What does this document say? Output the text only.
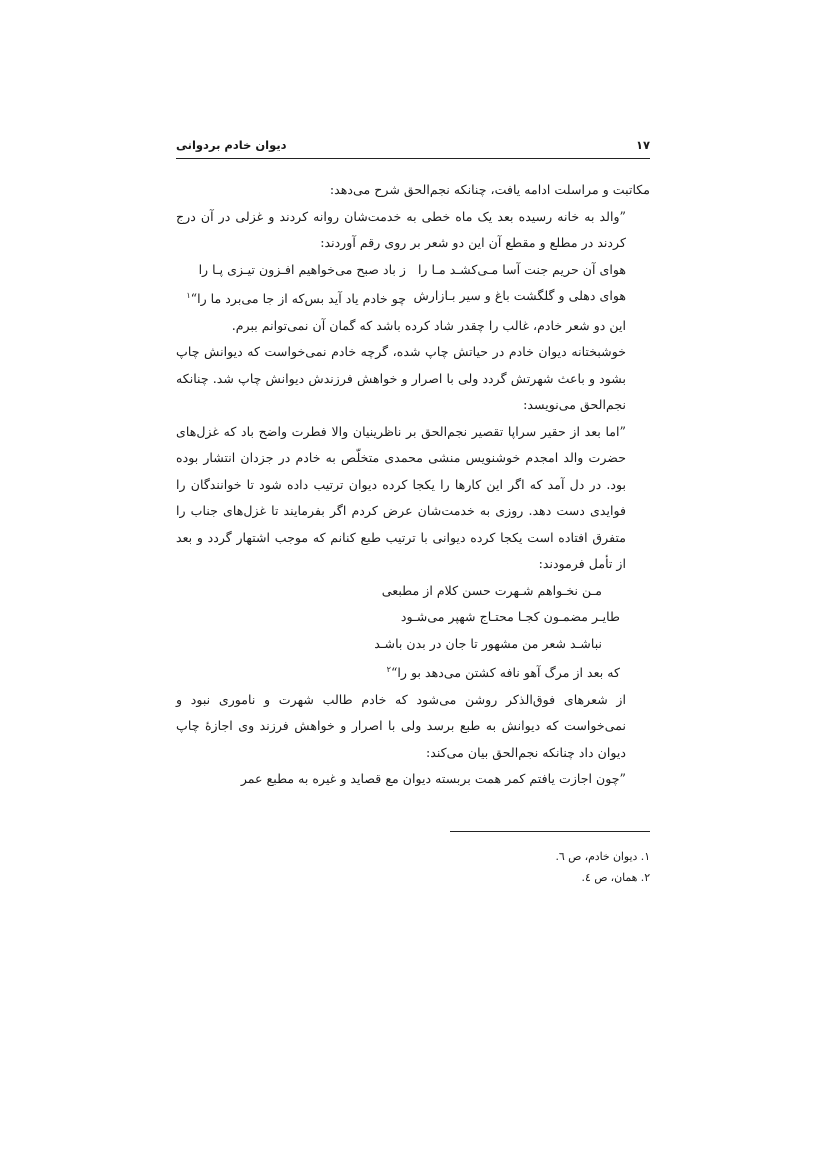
۱۷
دیوان خادم بردوانی

مکاتبت و مراسلت ادامه یافت، چنانکه نجم‌الحق شرح می‌دهد:

”والد به خانه رسیده بعد یک ماه خطی به خدمت‌شان روانه کردند و غزلی در آن درج کردند در مطلع و مقطع آن این دو شعر بر روی رقم آوردند:

هوای آن حریم جنت آسا مـی‌کشـد مـا را
ز باد صبح می‌خواهیم افـزون تیـزی پـا را
هوای دهلی و گلگشت باغ و سیر بـازارش
چو خادم یاد آید بس‌که از جا می‌برد ما را“$^۱$

این دو شعر خادم، غالب را چقدر شاد کرده باشد که گمان آن نمی‌توانم ببرم.

خوشبختانه دیوان خادم در حیاتش چاپ شده، گرچه خادم نمی‌خواست که دیوانش چاپ بشود و باعث شهرتش گردد ولی با اصرار و خواهش فرزندش دیوانش چاپ شد. چنانکه نجم‌الحق می‌نویسد:

”اما بعد از حقیر سراپا تقصیر نجم‌الحق بر ناظرینیان والا فطرت واضح باد که غزل‌های حضرت والد امجدم خوشنویس منشی محمدی متخلّص به خادم در جزدان انتشار بوده بود. در دل آمد که اگر این کارها را یکجا کرده دیوان ترتیب داده شود تا خوانندگان را فوایدی دست دهد. روزی به خدمت‌شان عرض کردم اگر بفرمایند تا غزل‌های جناب را متفرق افتاده است یکجا کرده دیوانی با ترتیب طبع کنانم که موجب اشتهار گردد و بعد از تأمل فرمودند:

مـن نخـواهم شـهرت حسن کلام از مطبعی
طایـر مضمـون کجـا محتـاج شهپر می‌شـود
نباشـد شعر من مشهور تا جان در بدن باشـد
که بعد از مرگ آهو نافه کشتن می‌دهد بو را“$^۲$

از شعرهای فوق‌الذکر روشن می‌شود که خادم طالب شهرت و ناموری نبود و نمی‌خواست که دیوانش به طبع برسد ولی با اصرار و خواهش فرزند وی اجازهٔ چاپ دیوان داد چنانکه نجم‌الحق بیان می‌کند:

”چون اجازت یافتم کمر همت بربسته دیوان مع قصاید و غیره به مطبع عمر

۱. دیوان خادم، ص ٦.
۲. همان، ص ٤.
